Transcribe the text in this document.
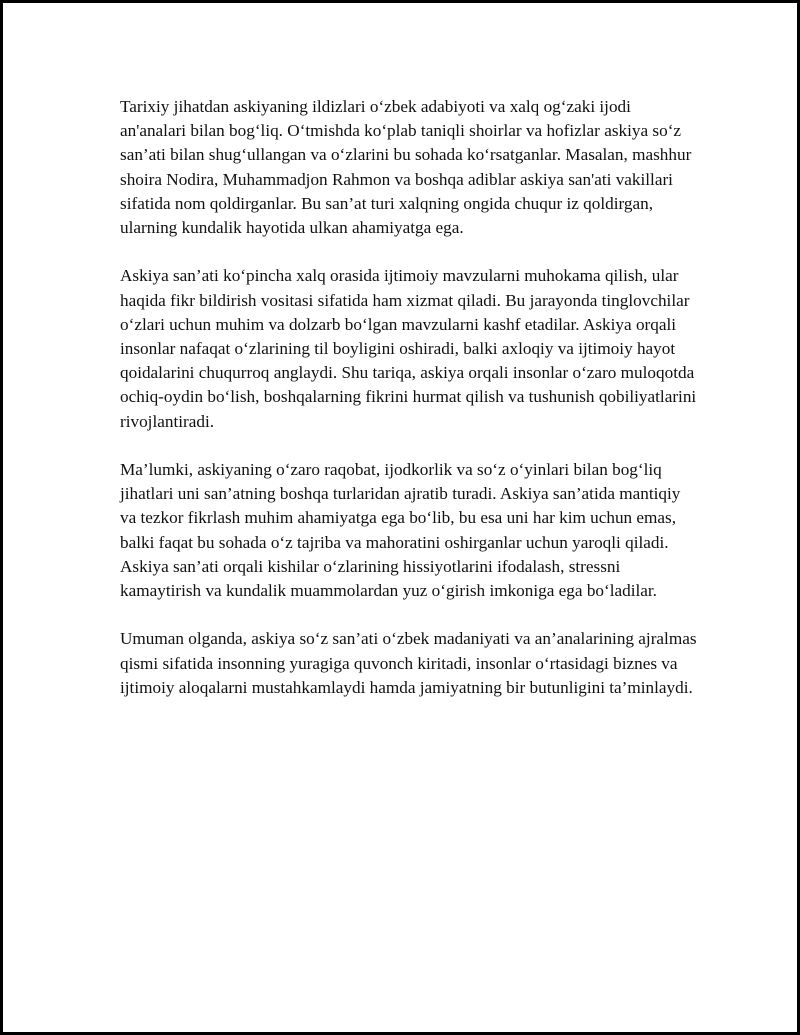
Tarixiy jihatdan askiyaning ildizlari o‘zbek adabiyoti va xalq og‘zaki ijodi an'analari bilan bog‘liq. O‘tmishda ko‘plab taniqli shoirlar va hofizlar askiya so‘z san’ati bilan shug‘ullangan va o‘zlarini bu sohada ko‘rsatganlar. Masalan, mashhur shoira Nodira, Muhammadjon Rahmon va boshqa adiblar askiya san'ati vakillari sifatida nom qoldirganlar. Bu san’at turi xalqning ongida chuqur iz qoldirgan, ularning kundalik hayotida ulkan ahamiyatga ega.

Askiya san’ati ko‘pincha xalq orasida ijtimoiy mavzularni muhokama qilish, ular haqida fikr bildirish vositasi sifatida ham xizmat qiladi. Bu jarayonda tinglovchilar o‘zlari uchun muhim va dolzarb bo‘lgan mavzularni kashf etadilar. Askiya orqali insonlar nafaqat o‘zlarining til boyligini oshiradi, balki axloqiy va ijtimoiy hayot qoidalarini chuqurroq anglaydi. Shu tariqa, askiya orqali insonlar o‘zaro muloqotda ochiq-oydin bo‘lish, boshqalarning fikrini hurmat qilish va tushunish qobiliyatlarini rivojlantiradi.

Ma’lumki, askiyaning o‘zaro raqobat, ijodkorlik va so‘z o‘yinlari bilan bog‘liq jihatlari uni san’atning boshqa turlaridan ajratib turadi. Askiya san’atida mantiqiy va tezkor fikrlash muhim ahamiyatga ega bo‘lib, bu esa uni har kim uchun emas, balki faqat bu sohada o‘z tajriba va mahoratini oshirganlar uchun yaroqli qiladi. Askiya san’ati orqali kishilar o‘zlarining hissiyotlarini ifodalash, stressni kamaytirish va kundalik muammolardan yuz o‘girish imkoniga ega bo‘ladilar.

Umuman olganda, askiya so‘z san’ati o‘zbek madaniyati va an’analarining ajralmas qismi sifatida insonning yuragiga quvonch kiritadi, insonlar o‘rtasidagi biznes va ijtimoiy aloqalarni mustahkamlaydi hamda jamiyatning bir butunligini ta’minlaydi.
